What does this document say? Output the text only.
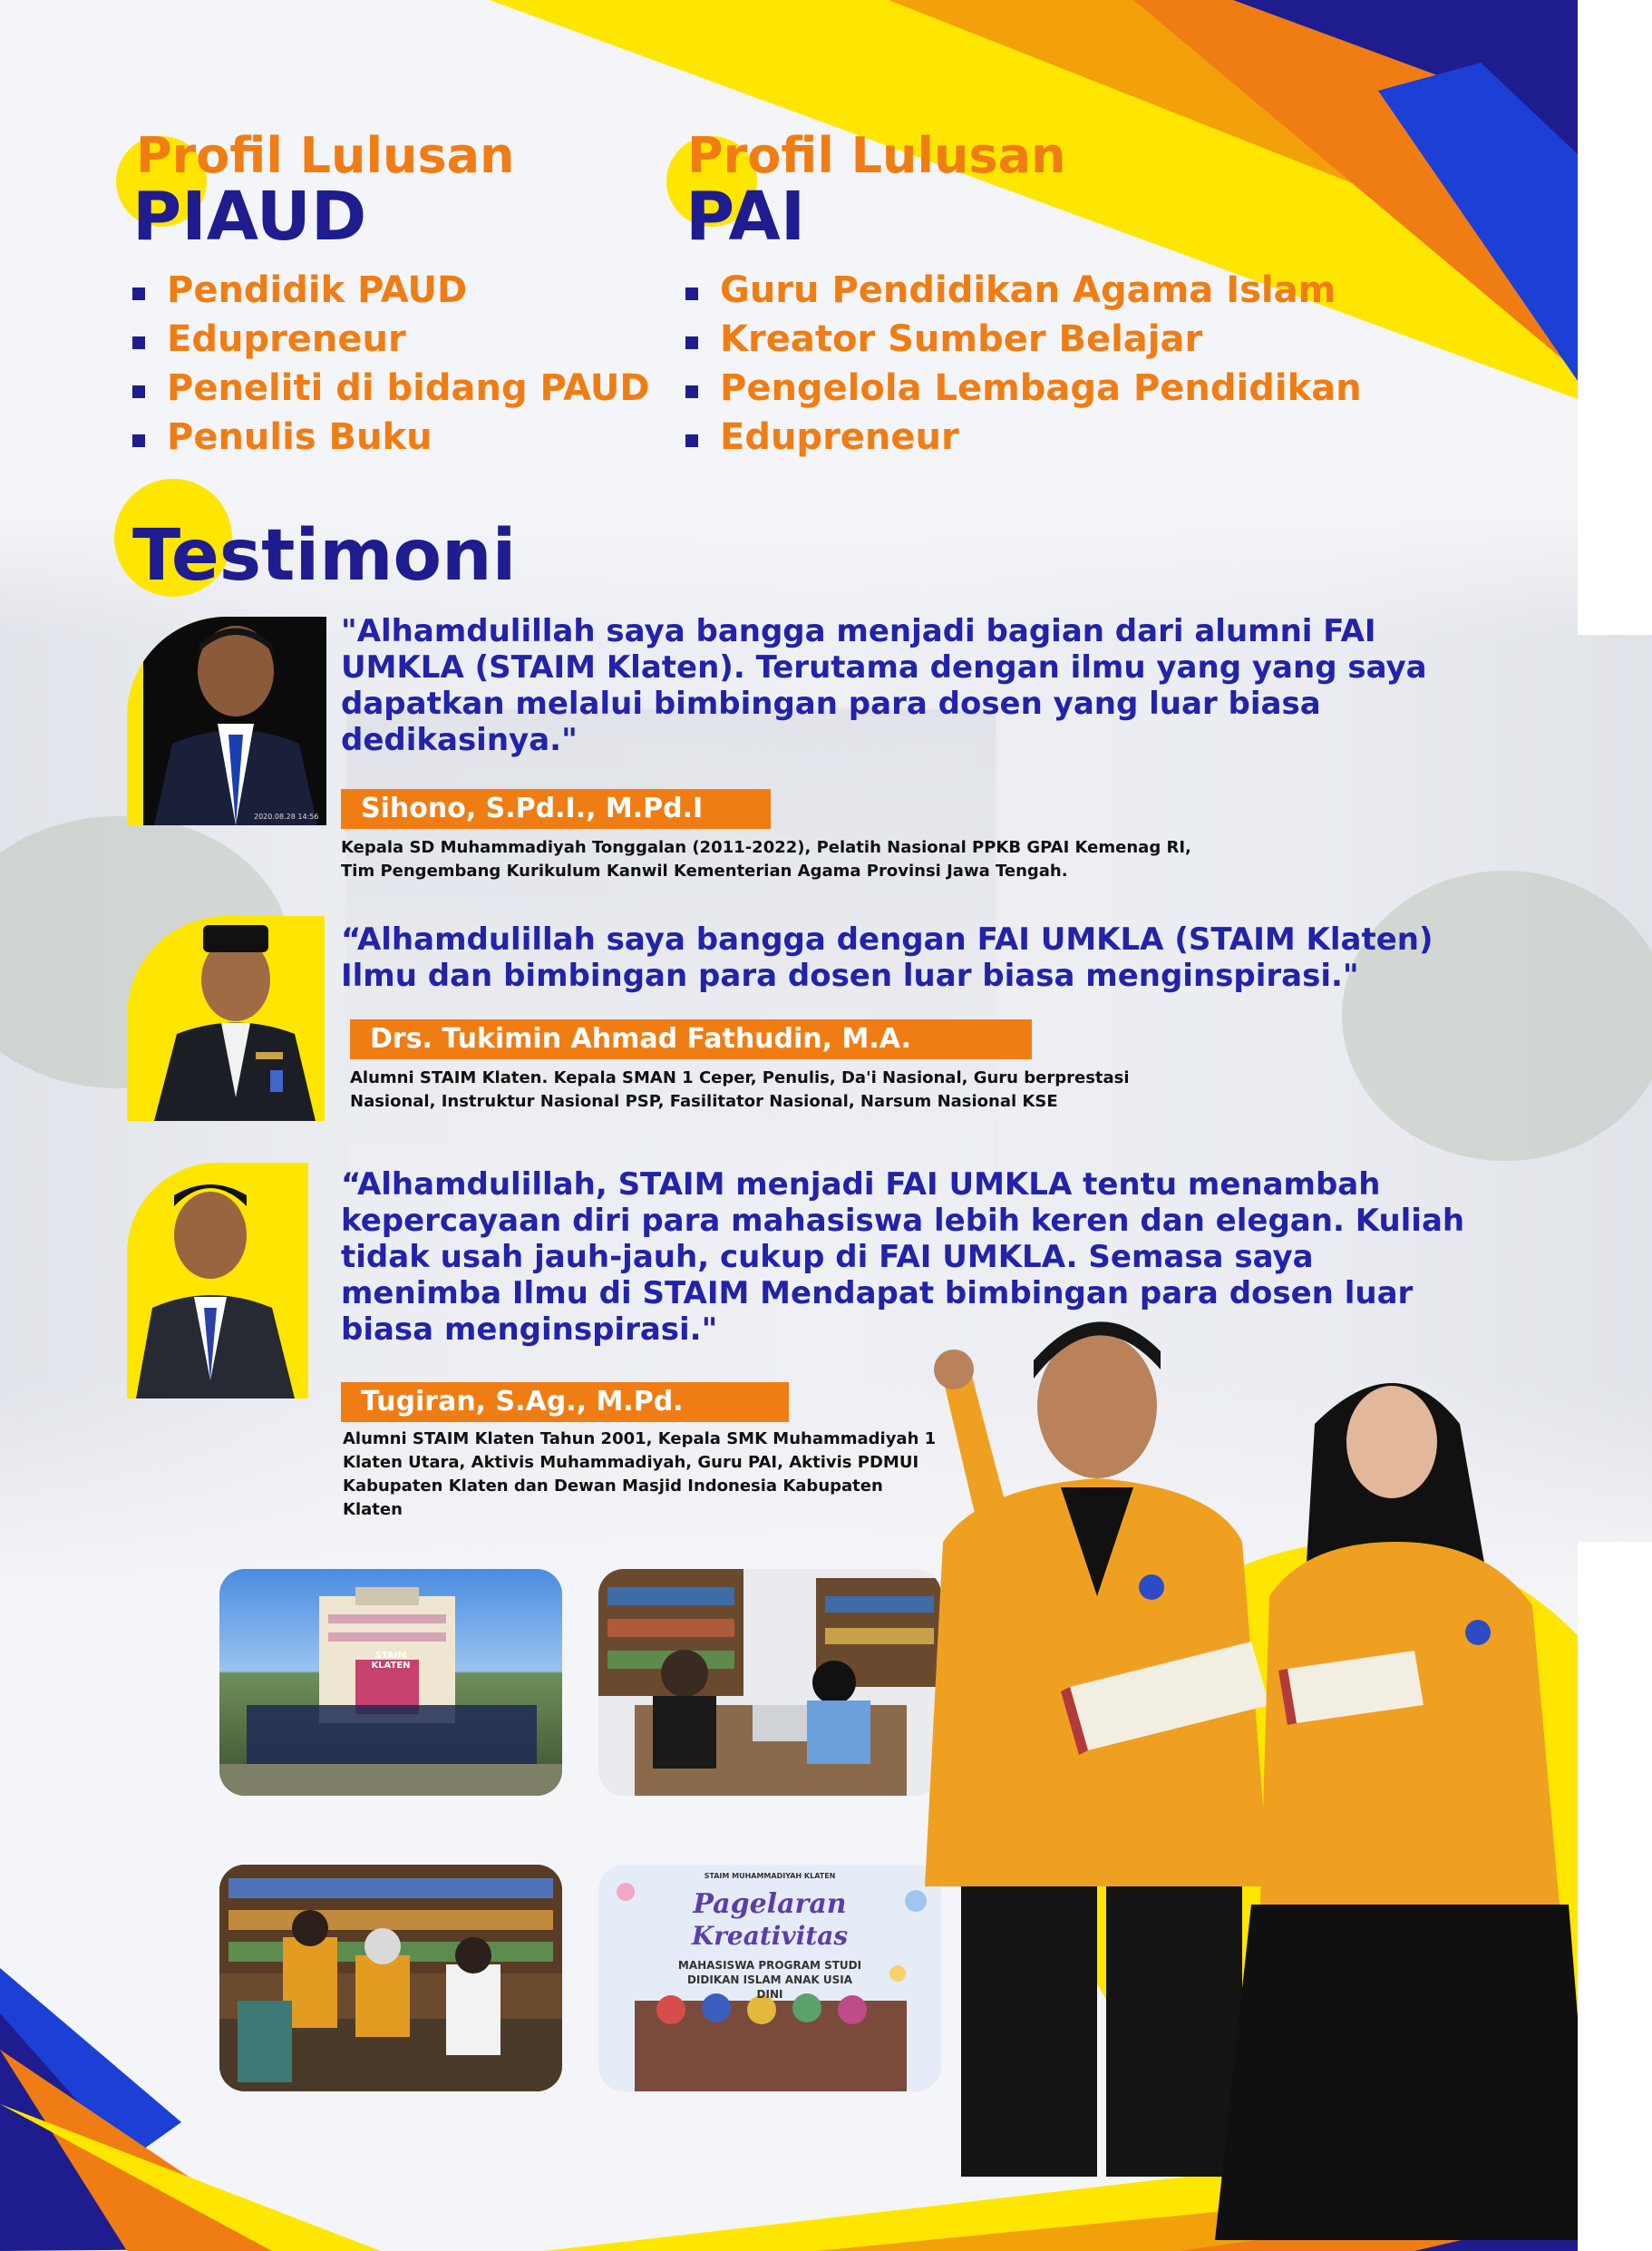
Profil Lulusan
PIAUD
Pendidik PAUD
Edupreneur
Peneliti di bidang PAUD
Penulis Buku
Profil Lulusan
PAI
Guru Pendidikan Agama Islam
Kreator Sumber Belajar
Pengelola Lembaga Pendidikan
Edupreneur
Testimoni
2020.08.28 14:56
"Alhamdulillah saya bangga menjadi bagian dari alumni FAI
UMKLA (STAIM Klaten). Terutama dengan ilmu yang yang saya
dapatkan melalui bimbingan para dosen yang luar biasa
dedikasinya."
Sihono, S.Pd.I., M.Pd.I
Kepala SD Muhammadiyah Tonggalan (2011-2022), Pelatih Nasional PPKB GPAI Kemenag RI,
Tim Pengembang Kurikulum Kanwil Kementerian Agama Provinsi Jawa Tengah.
“Alhamdulillah saya bangga dengan FAI UMKLA (STAIM Klaten)
Ilmu dan bimbingan para dosen luar biasa menginspirasi."
Drs. Tukimin Ahmad Fathudin, M.A.
Alumni STAIM Klaten. Kepala SMAN 1 Ceper, Penulis, Da'i Nasional, Guru berprestasi
Nasional, Instruktur Nasional PSP, Fasilitator Nasional, Narsum Nasional KSE
“Alhamdulillah, STAIM menjadi FAI UMKLA tentu menambah
kepercayaan diri para mahasiswa lebih keren dan elegan. Kuliah
tidak usah jauh-jauh, cukup di FAI UMKLA. Semasa saya
menimba Ilmu di STAIM Mendapat bimbingan para dosen luar
biasa menginspirasi."
Tugiran, S.Ag., M.Pd.
Alumni STAIM Klaten Tahun 2001, Kepala SMK Muhammadiyah 1
Klaten Utara, Aktivis Muhammadiyah, Guru PAI, Aktivis PDMUI
Kabupaten Klaten dan Dewan Masjid Indonesia Kabupaten
Klaten
STAIM KLATEN
STAIM MUHAMMADIYAH KLATEN
Pagelaran
Kreativitas
MAHASISWA PROGRAM STUDI
DIDIKAN ISLAM ANAK USIA
DINI
